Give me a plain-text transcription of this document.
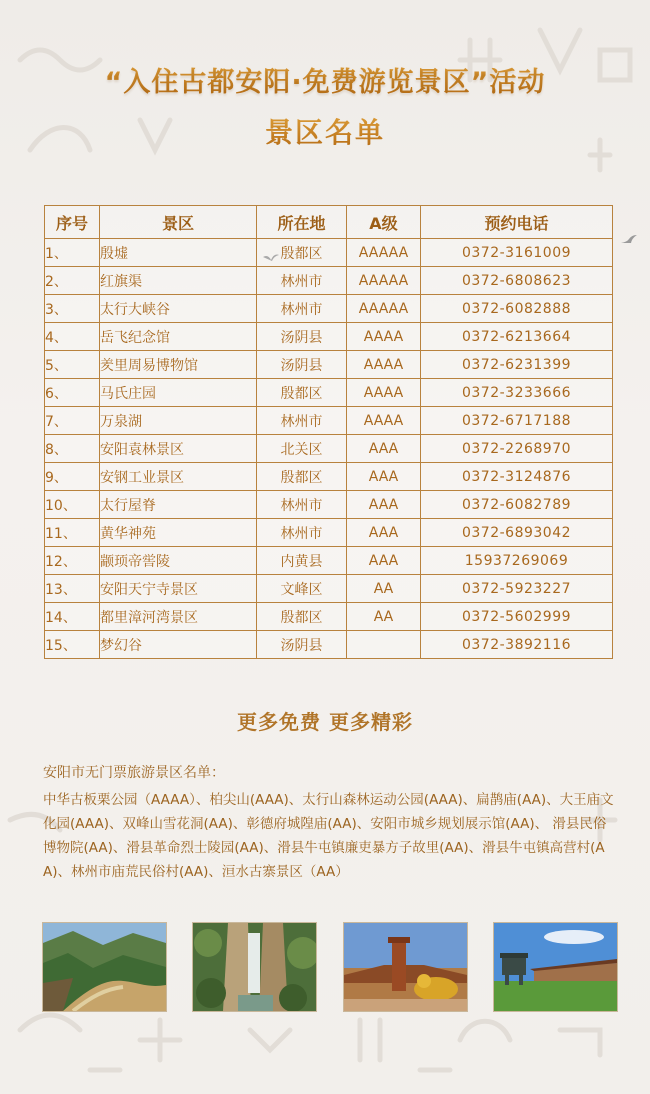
“入住古都安阳·免费游览景区”活动
景区名单
序号	景区	所在地	A级	预约电话
1、	殷墟	殷都区	AAAAA	0372-3161009
2、	红旗渠	林州市	AAAAA	0372-6808623
3、	太行大峡谷	林州市	AAAAA	0372-6082888
4、	岳飞纪念馆	汤阴县	AAAA	0372-6213664
5、	羑里周易博物馆	汤阴县	AAAA	0372-6231399
6、	马氏庄园	殷都区	AAAA	0372-3233666
7、	万泉湖	林州市	AAAA	0372-6717188
8、	安阳袁林景区	北关区	AAA	0372-2268970
9、	安钢工业景区	殷都区	AAA	0372-3124876
10、	太行屋脊	林州市	AAA	0372-6082789
11、	黄华神苑	林州市	AAA	0372-6893042
12、	颛顼帝喾陵	内黄县	AAA	15937269069
13、	安阳天宁寺景区	文峰区	AA	0372-5923227
14、	都里漳河湾景区	殷都区	AA	0372-5602999
15、	梦幻谷	汤阴县		0372-3892116
更多免费 更多精彩
安阳市无门票旅游景区名单：
中华古板栗公园（AAAA）、柏尖山(AAA)、太行山森林运动公园(AAA)、扁鹊庙(AA)、大王庙文化园(AAA)、双峰山雪花洞(AA)、彰德府城隍庙(AA)、安阳市城乡规划展示馆(AA)、 滑县民俗博物院(AA)、滑县革命烈士陵园(AA)、滑县牛屯镇廉吏暴方子故里(AA)、滑县牛屯镇高营村(AA)、林州市庙荒民俗村(AA)、洹水古寨景区（AA）
